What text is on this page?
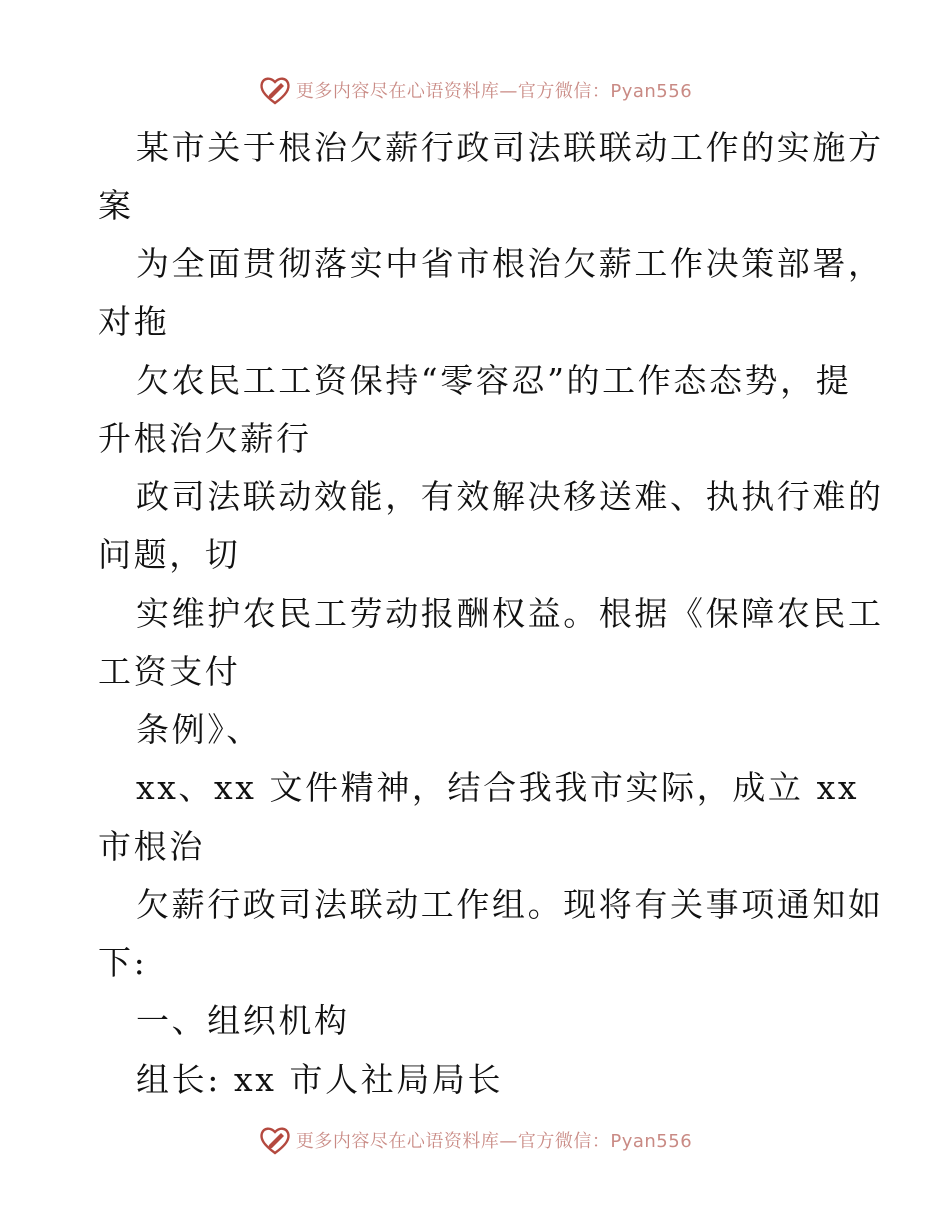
更多内容尽在心语资料库—官方微信：Pyan556
某市关于根治欠薪行政司法联联动工作的实施方
案
为全面贯彻落实中省市根治欠薪工作决策部署，
对拖
欠农民工工资保持“零容忍”的工作态态势，提
升根治欠薪行
政司法联动效能，有效解决移送难、执执行难的
问题，切
实维护农民工劳动报酬权益。根据《保障农民工
工资支付
条例》、
xx、xx 文件精神，结合我我市实际，成立 xx
市根治
欠薪行政司法联动工作组。现将有关事项通知如
下:
一、组织机构
组长: xx 市人社局局长
更多内容尽在心语资料库—官方微信：Pyan556
